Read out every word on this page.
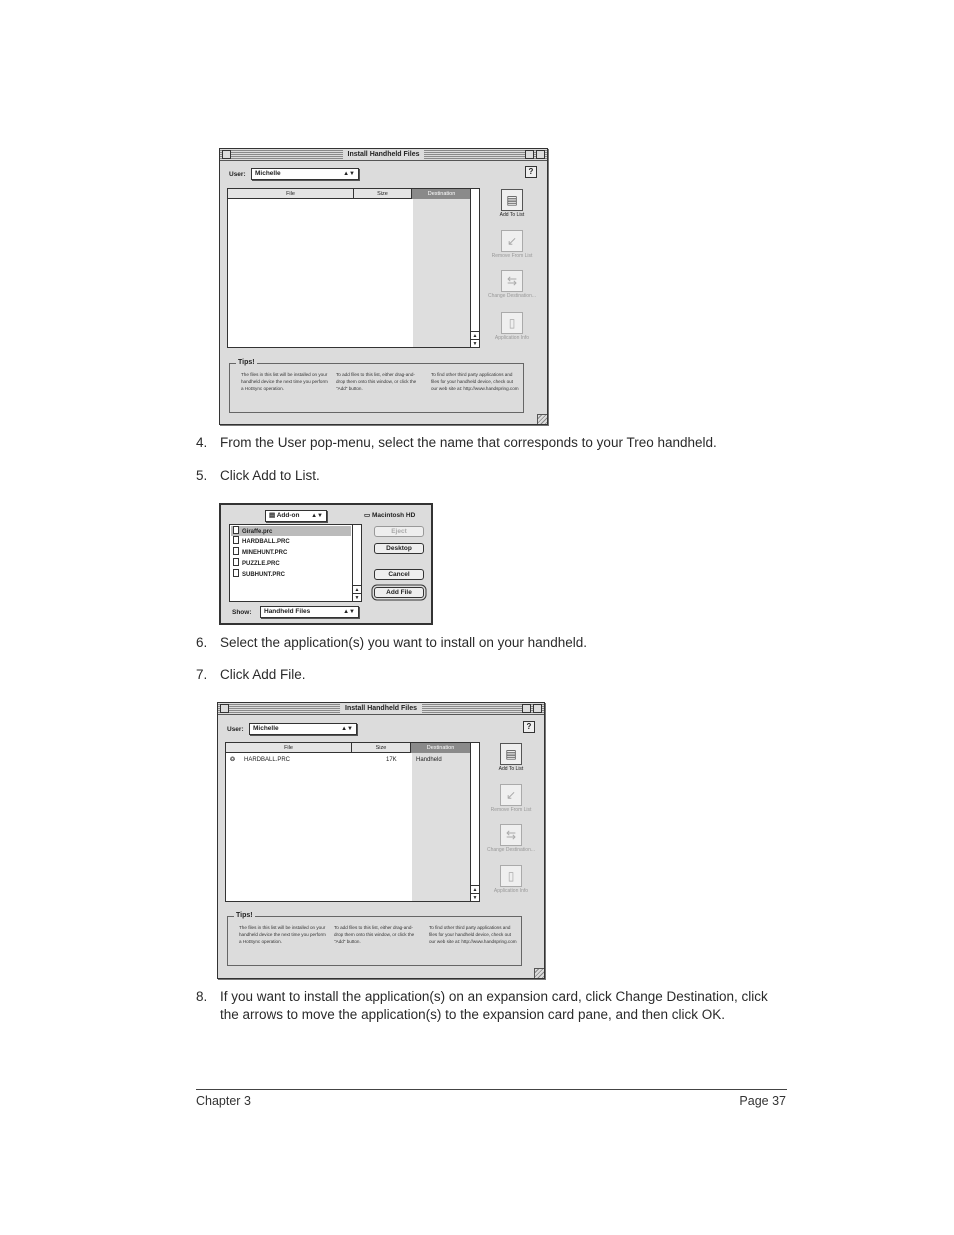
Install Handheld Files
User:	Michelle	▲▼	?
File	Size	Destination
▲
▼
▤
Add To List
↙
Remove From List
⇆
Change Destination...
▯
Application Info
Tips!
The files in this list will be installed on your handheld device the next time you perform a HotSync operation.
To add files to this list, either drag-and-drop them onto this window, or click the "Add" button.
To find other third party applications and files for your handheld device, check out our web site at: http://www.handspring.com
4. From the User pop-menu, select the name that corresponds to your Treo handheld.
5. Click Add to List.
▤ Add-on ▲▼	▭ Macintosh HD
Giraffe.prc
HARDBALL.PRC
MINEHUNT.PRC
PUZZLE.PRC
SUBHUNT.PRC
▲
▼
Eject
Desktop
Cancel
Add File
Show:	Handheld Files	▲▼
6. Select the application(s) you want to install on your handheld.
7. Click Add File.
Install Handheld Files
User:	Michelle	▲▼	?
File	Size	Destination
❂ HARDBALL.PRC	17K	Handheld
▲
▼
▤
Add To List
↙
Remove From List
⇆
Change Destination...
▯
Application Info
Tips!
The files in this list will be installed on your handheld device the next time you perform a HotSync operation.
To add files to this list, either drag-and-drop them onto this window, or click the "Add" button.
To find other third party applications and files for your handheld device, check out our web site at: http://www.handspring.com
8. If you want to install the application(s) on an expansion card, click Change Destination, click the arrows to move the application(s) to the expansion card pane, and then click OK.
Chapter 3	Page 37
